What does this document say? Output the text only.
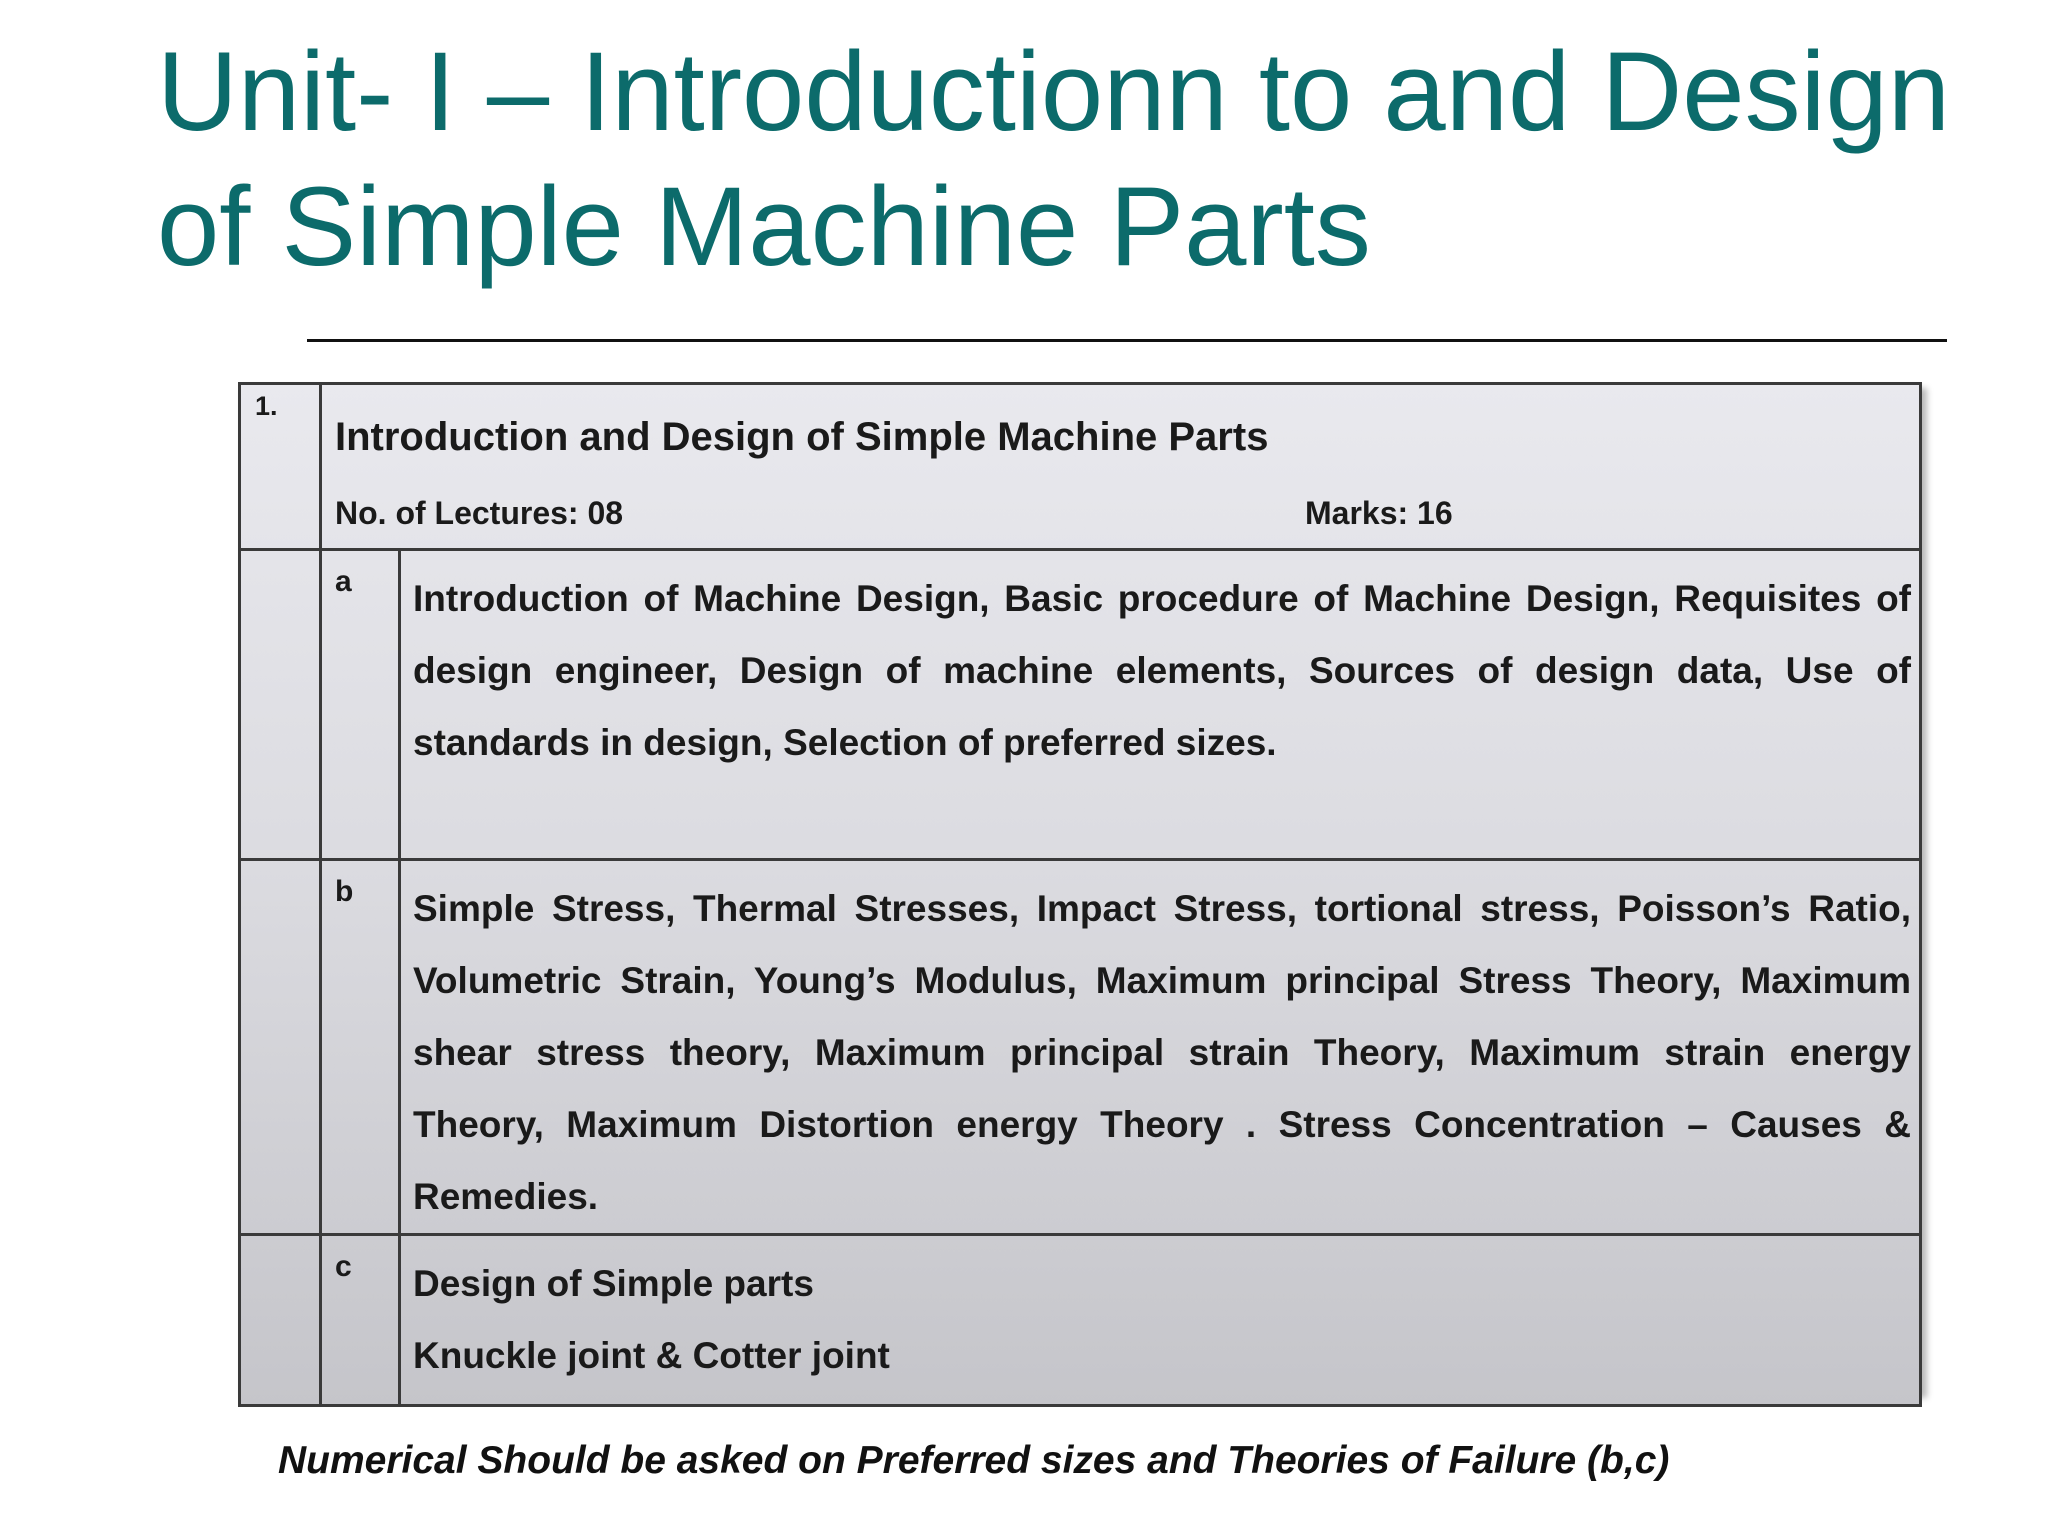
Unit- I – Introductionn to and Design
of Simple Machine Parts
1.	Introduction and Design of Simple Machine Parts
No. of Lectures: 08 Marks: 16	

	a	Introduction of Machine Design, Basic procedure of Machine Design, Requisites of design engineer, Design of machine elements, Sources of design data, Use of standards in design, Selection of preferred sizes.
	b	Simple Stress, Thermal Stresses, Impact Stress, tortional stress, Poisson’s Ratio, Volumetric Strain, Young’s Modulus, Maximum principal Stress Theory, Maximum shear stress theory, Maximum principal strain Theory, Maximum strain energy Theory, Maximum Distortion energy Theory . Stress Concentration – Causes & Remedies.
	c	Design of Simple parts
Knuckle joint & Cotter joint

Numerical Should be asked on Preferred sizes and Theories of Failure (b,c)
